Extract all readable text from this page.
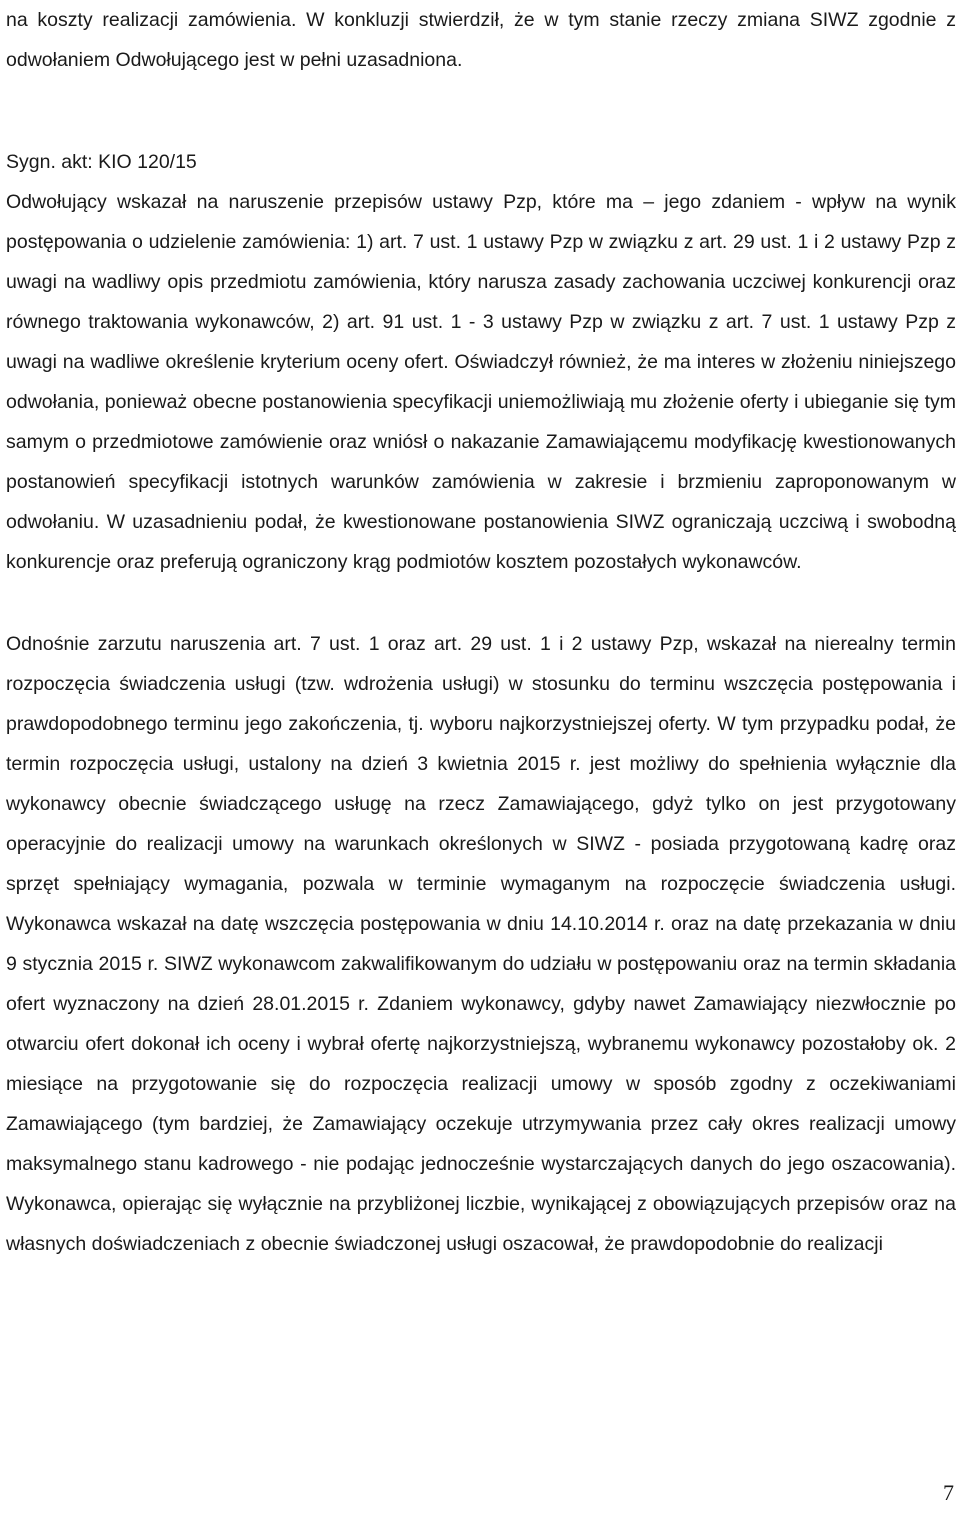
na koszty realizacji zamówienia. W konkluzji stwierdził, że w tym stanie rzeczy zmiana SIWZ zgodnie z odwołaniem Odwołującego jest w pełni uzasadniona.

Sygn. akt: KIO 120/15

Odwołujący wskazał na naruszenie przepisów ustawy Pzp, które ma – jego zdaniem - wpływ na wynik postępowania o udzielenie zamówienia: 1) art. 7 ust. 1 ustawy Pzp w związku z art. 29 ust. 1 i 2 ustawy Pzp z uwagi na wadliwy opis przedmiotu zamówienia, który narusza zasady zachowania uczciwej konkurencji oraz równego traktowania wykonawców, 2) art. 91 ust. 1 - 3 ustawy Pzp w związku z art. 7 ust. 1 ustawy Pzp z uwagi na wadliwe określenie kryterium oceny ofert. Oświadczył również, że ma interes w złożeniu niniejszego odwołania, ponieważ obecne postanowienia specyfikacji uniemożliwiają mu złożenie oferty i ubieganie się tym samym o przedmiotowe zamówienie oraz wniósł o nakazanie Zamawiającemu modyfikację kwestionowanych postanowień specyfikacji istotnych warunków zamówienia w zakresie i brzmieniu zaproponowanym w odwołaniu. W uzasadnieniu podał, że kwestionowane postanowienia SIWZ ograniczają uczciwą i swobodną konkurencje oraz preferują ograniczony krąg podmiotów kosztem pozostałych wykonawców.

Odnośnie zarzutu naruszenia art. 7 ust. 1 oraz art. 29 ust. 1 i 2 ustawy Pzp, wskazał na nierealny termin rozpoczęcia świadczenia usługi (tzw. wdrożenia usługi) w stosunku do terminu wszczęcia postępowania i prawdopodobnego terminu jego zakończenia, tj. wyboru najkorzystniejszej oferty. W tym przypadku podał, że termin rozpoczęcia usługi, ustalony na dzień 3 kwietnia 2015 r. jest możliwy do spełnienia wyłącznie dla wykonawcy obecnie świadczącego usługę na rzecz Zamawiającego, gdyż tylko on jest przygotowany operacyjnie do realizacji umowy na warunkach określonych w SIWZ - posiada przygotowaną kadrę oraz sprzęt spełniający wymagania, pozwala w terminie wymaganym na rozpoczęcie świadczenia usługi. Wykonawca wskazał na datę wszczęcia postępowania w dniu 14.10.2014 r. oraz na datę przekazania w dniu 9 stycznia 2015 r. SIWZ wykonawcom zakwalifikowanym do udziału w postępowaniu oraz na termin składania ofert wyznaczony na dzień 28.01.2015 r. Zdaniem wykonawcy, gdyby nawet Zamawiający niezwłocznie po otwarciu ofert dokonał ich oceny i wybrał ofertę najkorzystniejszą, wybranemu wykonawcy pozostałoby ok. 2 miesiące na przygotowanie się do rozpoczęcia realizacji umowy w sposób zgodny z oczekiwaniami Zamawiającego (tym bardziej, że Zamawiający oczekuje utrzymywania przez cały okres realizacji umowy maksymalnego stanu kadrowego - nie podając jednocześnie wystarczających danych do jego oszacowania). Wykonawca, opierając się wyłącznie na przybliżonej liczbie, wynikającej z obowiązujących przepisów oraz na własnych doświadczeniach z obecnie świadczonej usługi oszacował, że prawdopodobnie do realizacji

7
